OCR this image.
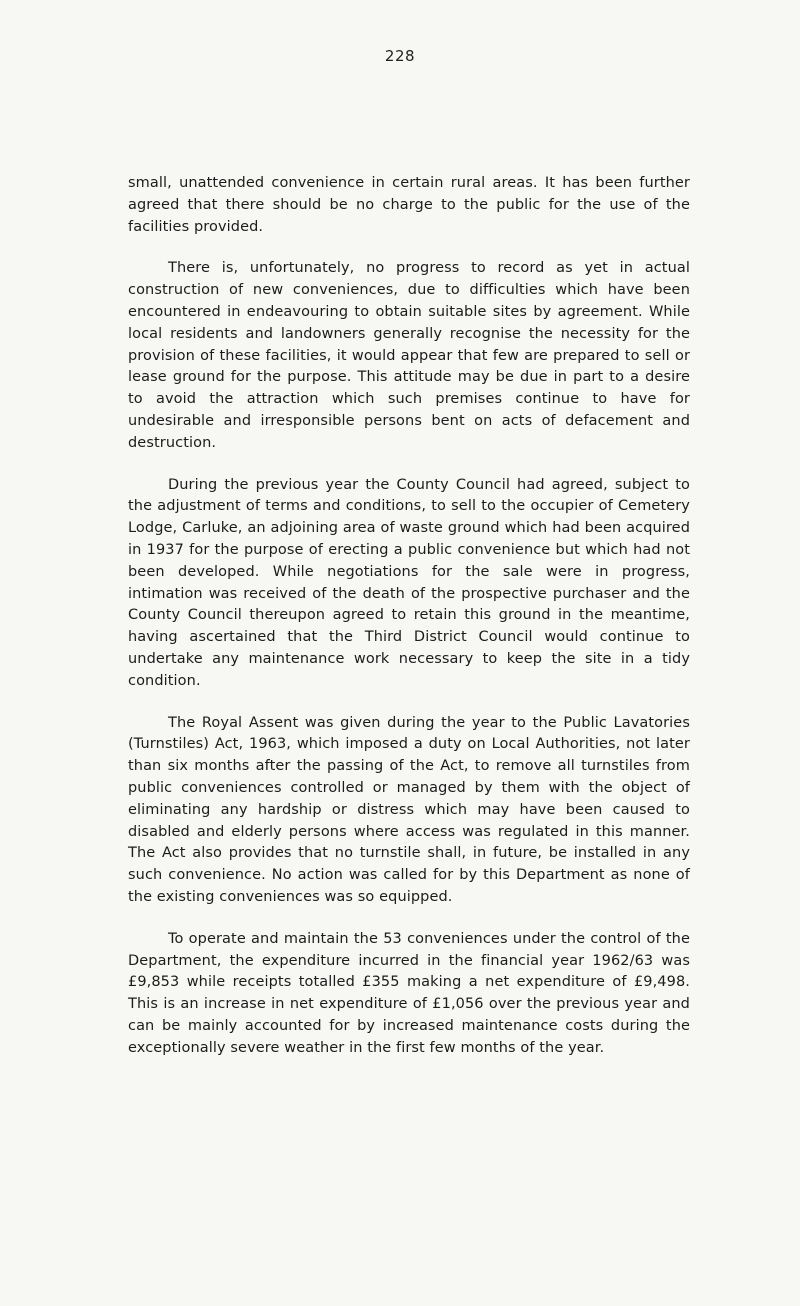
228

small, unattended convenience in certain rural areas. It has been further agreed that there should be no charge to the public for the use of the facilities provided.

There is, unfortunately, no progress to record as yet in actual construction of new conveniences, due to difficulties which have been encountered in endeavouring to obtain suitable sites by agreement. While local residents and landowners generally recognise the necessity for the provision of these facilities, it would appear that few are prepared to sell or lease ground for the purpose. This attitude may be due in part to a desire to avoid the attraction which such premises continue to have for undesirable and irresponsible persons bent on acts of defacement and destruction.

During the previous year the County Council had agreed, subject to the adjustment of terms and conditions, to sell to the occupier of Cemetery Lodge, Carluke, an adjoining area of waste ground which had been acquired in 1937 for the purpose of erecting a public convenience but which had not been developed. While negotiations for the sale were in progress, intimation was received of the death of the prospective purchaser and the County Council thereupon agreed to retain this ground in the meantime, having ascertained that the Third District Council would continue to undertake any maintenance work necessary to keep the site in a tidy condition.

The Royal Assent was given during the year to the Public Lavatories (Turnstiles) Act, 1963, which imposed a duty on Local Authorities, not later than six months after the passing of the Act, to remove all turnstiles from public conveniences controlled or managed by them with the object of eliminating any hardship or distress which may have been caused to disabled and elderly persons where access was regulated in this manner. The Act also provides that no turnstile shall, in future, be installed in any such convenience. No action was called for by this Department as none of the existing conveniences was so equipped.

To operate and maintain the 53 conveniences under the control of the Department, the expenditure incurred in the financial year 1962/63 was £9,853 while receipts totalled £355 making a net expenditure of £9,498. This is an increase in net expenditure of £1,056 over the previous year and can be mainly accounted for by increased maintenance costs during the exceptionally severe weather in the first few months of the year.
